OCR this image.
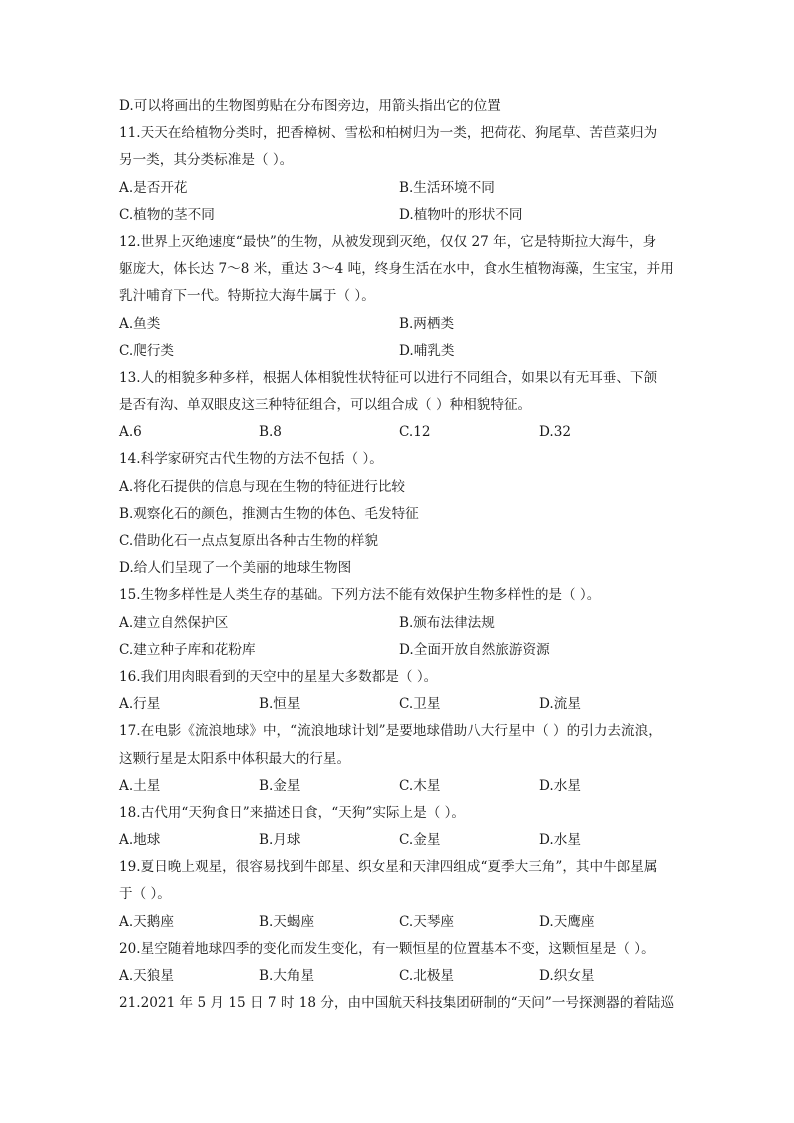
D.可以将画出的生物图剪贴在分布图旁边，用箭头指出它的位置
11.天天在给植物分类时，把香樟树、雪松和柏树归为一类，把荷花、狗尾草、苦苣菜归为
另一类，其分类标准是（ ）。
A.是否开花	B.生活环境不同
C.植物的茎不同	D.植物叶的形状不同
12.世界上灭绝速度“最快”的生物，从被发现到灭绝，仅仅 27 年，它是特斯拉大海牛，身
躯庞大，体长达 7～8 米，重达 3～4 吨，终身生活在水中，食水生植物海藻，生宝宝，并用
乳汁哺育下一代。特斯拉大海牛属于（ ）。
A.鱼类	B.两栖类
C.爬行类	D.哺乳类
13.人的相貌多种多样，根据人体相貌性状特征可以进行不同组合，如果以有无耳垂、下颌
是否有沟、单双眼皮这三种特征组合，可以组合成（ ）种相貌特征。
A.6	B.8	C.12	D.32
14.科学家研究古代生物的方法不包括（ ）。
A.将化石提供的信息与现在生物的特征进行比较
B.观察化石的颜色，推测古生物的体色、毛发特征
C.借助化石一点点复原出各种古生物的样貌
D.给人们呈现了一个美丽的地球生物图
15.生物多样性是人类生存的基础。下列方法不能有效保护生物多样性的是（ ）。
A.建立自然保护区	B.颁布法律法规
C.建立种子库和花粉库	D.全面开放自然旅游资源
16.我们用肉眼看到的天空中的星星大多数都是（ ）。
A.行星	B.恒星	C.卫星	D.流星
17.在电影《流浪地球》中，“流浪地球计划”是要地球借助八大行星中（ ）的引力去流浪，
这颗行星是太阳系中体积最大的行星。
A.土星	B.金星	C.木星	D.水星
18.古代用“天狗食日”来描述日食，“天狗”实际上是（ ）。
A.地球	B.月球	C.金星	D.水星
19.夏日晚上观星，很容易找到牛郎星、织女星和天津四组成“夏季大三角”，其中牛郎星属
于（ ）。
A.天鹅座	B.天蝎座	C.天琴座	D.天鹰座
20.星空随着地球四季的变化而发生变化，有一颗恒星的位置基本不变，这颗恒星是（ ）。
A.天狼星	B.大角星	C.北极星	D.织女星
21.2021 年 5 月 15 日 7 时 18 分，由中国航天科技集团研制的“天问”一号探测器的着陆巡
